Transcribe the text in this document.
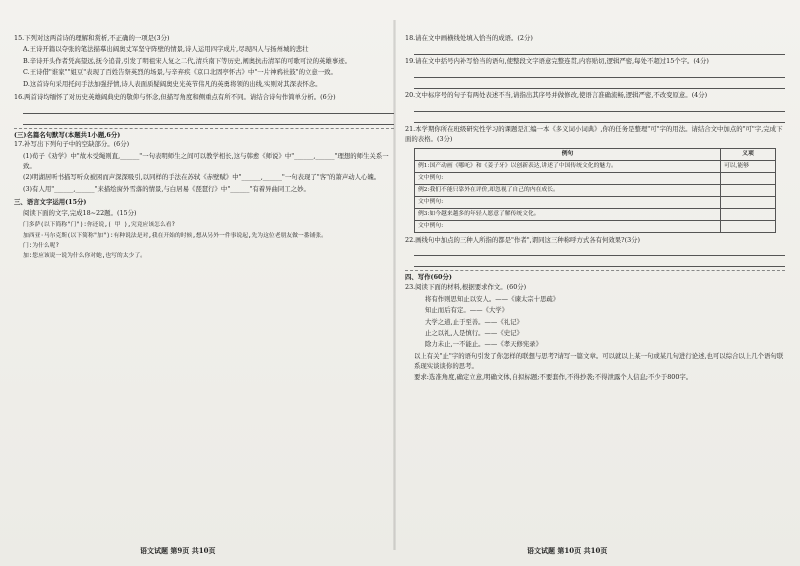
15.下列对这两首诗的理解和赏析,不正确的一项是(3分)
A.王诗开篇以夺张的笔法描摹出阔奥丈军坚守阵壁的情景,诗人运用四字成片,尽现四人与扬州城的悲壮
B.辛诗开头作者凭高望远,抚今追昔,引发了明祖宋人复之二代,清兵南下等历史,阐奥抗击清军的可歌可泣的英雄事迹。
C.王诗借"谁家""姐豆"表现了百姓告祭英烈的场景,与辛弃疾《京口北固亭怀古》中"一片神鸦社鼓"的立意一致。
D.这首诗句采用托问手法加强抒情,诗人表面质疑阔奥史光英节伟凡的英勇将领的出线,实则对其深表怀念。
16.两首诗均缅怀了对历史英雄阔典史的敬仰与怀念,但描写角度和侧重点有所不同。请结合诗句作简单分析。(6分)
(三)名篇名句默写(本题共1小题,6分)
17.补写出下列句子中的空缺部分。(6分)
(1)荀子《劝学》中"故木受绳则直,______"一句表明师生之间可以教学相长,这与韩愈《师说》中"______,______"理想的师生关系一致。
(2)明湖居听书描写听众被困而声深深吸引,以同样的手法在苏轼《赤壁赋》中"______,______"一句表现了"客"的箫声动人心魄。
(3)有人用"______,______"来描绘窗外雪落的情景,与白居易《琵琶行》中"______"有着异曲同工之妙。
三、语言文字运用(15分)
阅读下面的文字,完成18~22题。(15分)
门多萨(以下简称"门"):你还说,( 甲 ),究竟应该怎么看?
加西亚·马尔克斯(以下简称"加"):有种说法是对,我在开始的时候,想从另外一件事说起,先为这位老朋友做一番铺张。
门:为什么呢?
加:您应该说一说为什么你对她,也写的太少了。
语文试题 第9页 共10页
18.请在文中画横线处填入恰当的成语。(2分)
19.请在文中括号内补写恰当的语句,使整段文字语意完整连贯,内容贴切,逻辑严密,每处不超过15个字。(4分)
20.文中标序号的句子有两处表述不当,请指出其序号并做修改,使语言准确流畅,逻辑严密,不改变原意。(4分)
21.本学期你所在班级研究性学习的课题是汇编一本《多义词小词典》,你的任务是整理"可"字的用法。请结合文中加点的"可"字,完成下面的表格。(3分)
例句	义项
例1:国产动画《哪吒》和《姜子牙》以创新表达,讲述了中国传统文化的魅力。	可以,能够
文中例句:	
例2:我们不能只靠外在评价,却忽视了自己的内在成长。	
文中例句:	
例3:如今越来越多的年轻人愿意了解传统文化。	
文中例句:	
22.画线句中加点的三种人所指的都是"作者",谓同这三种称呼方式各有何效果?(3分)
四、写作(60分)
23.阅读下面的材料,根据要求作文。(60分)
将有作则思知止以安人。——《谏太宗十思疏》
知止而后有定。——《大学》
大学之道,止于至善。——《礼记》
止之以礼,人是慎行。——《史记》
除力未止,一不能止。——《孝天修宪录》
以上有关"止"字的语句引发了你怎样的联想与思考?请写一篇文章。可以就以上某一句或某几句进行论述,也可以综合以上几个语句联系现实谈谈你的思考。
要求:选准角度,确定立意,明确文体,自拟标题;不要套作,不得抄袭;不得泄露个人信息;不少于800字。
语文试题 第10页 共10页
